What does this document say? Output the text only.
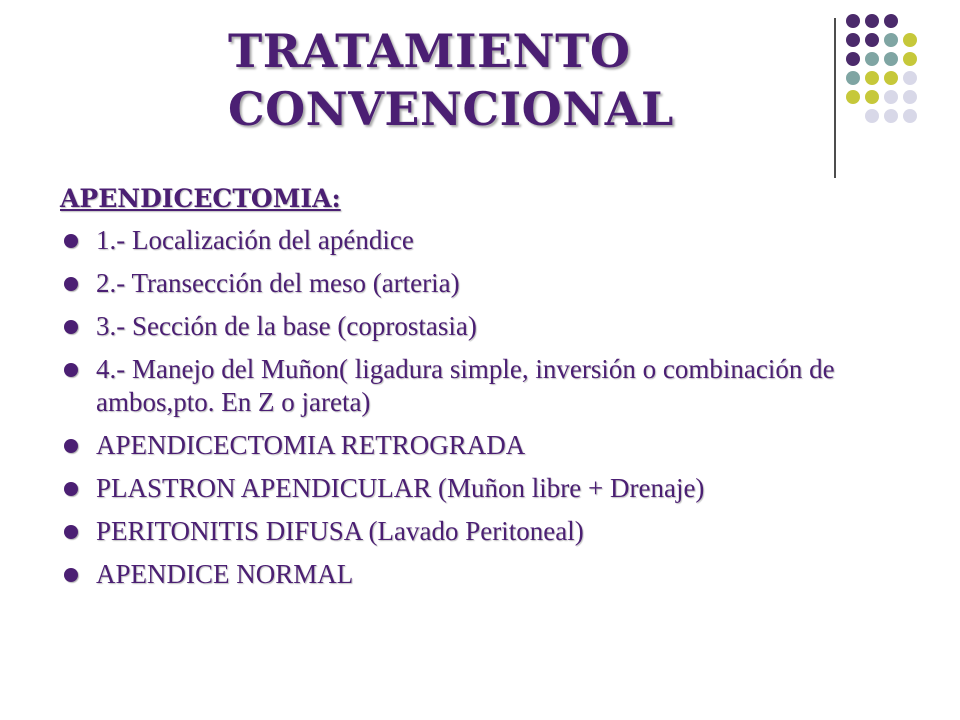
TRATAMIENTO
CONVENCIONAL
APENDICECTOMIA:
1.- Localización del apéndice
2.- Transección del meso (arteria)
3.- Sección de la base (coprostasia)
4.- Manejo del Muñon( ligadura simple, inversión o combinación de ambos,pto. En Z o jareta)
APENDICECTOMIA RETROGRADA
PLASTRON APENDICULAR (Muñon libre + Drenaje)
PERITONITIS DIFUSA (Lavado Peritoneal)
APENDICE NORMAL
